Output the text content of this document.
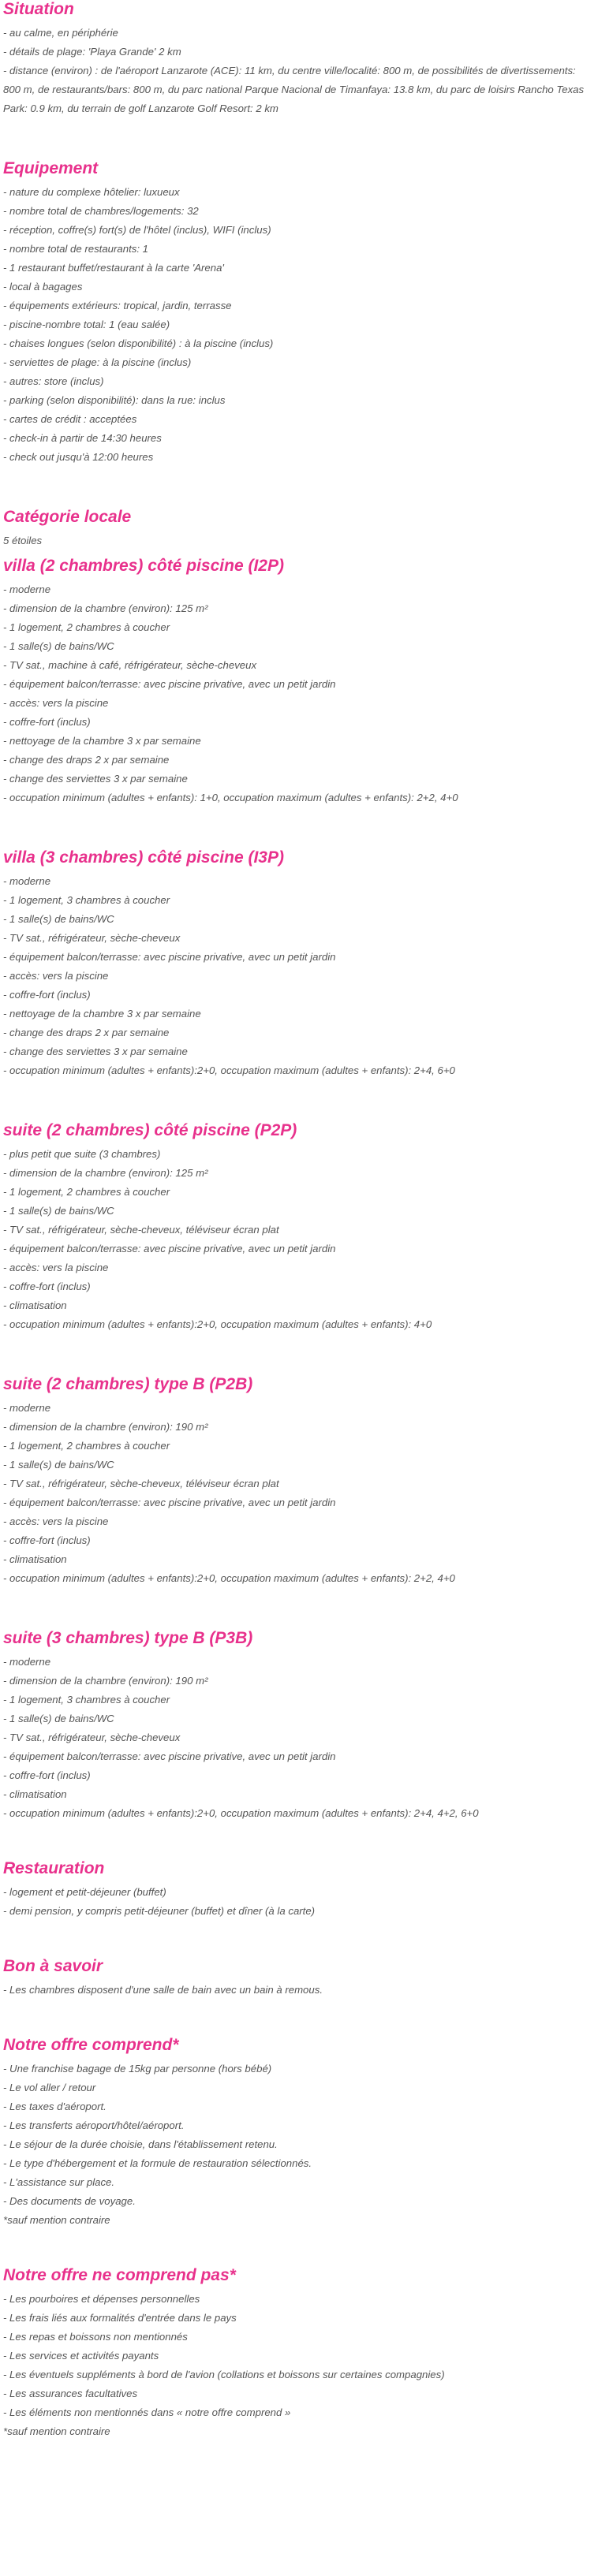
Situation
- au calme, en périphérie
- détails de plage: 'Playa Grande' 2 km
- distance (environ) : de l'aéroport Lanzarote (ACE): 11 km, du centre ville/localité: 800 m, de possibilités de divertissements: 800 m, de restaurants/bars: 800 m, du parc national Parque Nacional de Timanfaya: 13.8 km, du parc de loisirs Rancho Texas Park: 0.9 km, du terrain de golf Lanzarote Golf Resort: 2 km
Equipement
- nature du complexe hôtelier: luxueux
- nombre total de chambres/logements: 32
- réception, coffre(s) fort(s) de l'hôtel (inclus), WIFI (inclus)
- nombre total de restaurants: 1
- 1 restaurant buffet/restaurant à la carte 'Arena'
- local à bagages
- équipements extérieurs: tropical, jardin, terrasse
- piscine-nombre total: 1 (eau salée)
- chaises longues (selon disponibilité) : à la piscine (inclus)
- serviettes de plage: à la piscine (inclus)
- autres: store (inclus)
- parking (selon disponibilité): dans la rue: inclus
- cartes de crédit : acceptées
- check-in à partir de 14:30 heures
- check out jusqu'à 12:00 heures
Catégorie locale
5 étoiles
villa (2 chambres) côté piscine (I2P)
- moderne
- dimension de la chambre (environ): 125 m²
- 1 logement, 2 chambres à coucher
- 1 salle(s) de bains/WC
- TV sat., machine à café, réfrigérateur, sèche-cheveux
- équipement balcon/terrasse: avec piscine privative, avec un petit jardin
- accès: vers la piscine
- coffre-fort (inclus)
- nettoyage de la chambre 3 x par semaine
- change des draps 2 x par semaine
- change des serviettes 3 x par semaine
- occupation minimum (adultes + enfants): 1+0, occupation maximum (adultes + enfants): 2+2, 4+0
villa (3 chambres) côté piscine (I3P)
- moderne
- 1 logement, 3 chambres à coucher
- 1 salle(s) de bains/WC
- TV sat., réfrigérateur, sèche-cheveux
- équipement balcon/terrasse: avec piscine privative, avec un petit jardin
- accès: vers la piscine
- coffre-fort (inclus)
- nettoyage de la chambre 3 x par semaine
- change des draps 2 x par semaine
- change des serviettes 3 x par semaine
- occupation minimum (adultes + enfants):2+0, occupation maximum (adultes + enfants): 2+4, 6+0
suite (2 chambres) côté piscine (P2P)
- plus petit que suite (3 chambres)
- dimension de la chambre (environ): 125 m²
- 1 logement, 2 chambres à coucher
- 1 salle(s) de bains/WC
- TV sat., réfrigérateur, sèche-cheveux, téléviseur écran plat
- équipement balcon/terrasse: avec piscine privative, avec un petit jardin
- accès: vers la piscine
- coffre-fort (inclus)
- climatisation
- occupation minimum (adultes + enfants):2+0, occupation maximum (adultes + enfants): 4+0
suite (2 chambres) type B (P2B)
- moderne
- dimension de la chambre (environ): 190 m²
- 1 logement, 2 chambres à coucher
- 1 salle(s) de bains/WC
- TV sat., réfrigérateur, sèche-cheveux, téléviseur écran plat
- équipement balcon/terrasse: avec piscine privative, avec un petit jardin
- accès: vers la piscine
- coffre-fort (inclus)
- climatisation
- occupation minimum (adultes + enfants):2+0, occupation maximum (adultes + enfants): 2+2, 4+0
suite (3 chambres) type B (P3B)
- moderne
- dimension de la chambre (environ): 190 m²
- 1 logement, 3 chambres à coucher
- 1 salle(s) de bains/WC
- TV sat., réfrigérateur, sèche-cheveux
- équipement balcon/terrasse: avec piscine privative, avec un petit jardin
- coffre-fort (inclus)
- climatisation
- occupation minimum (adultes + enfants):2+0, occupation maximum (adultes + enfants): 2+4, 4+2, 6+0
Restauration
- logement et petit-déjeuner (buffet)
- demi pension, y compris petit-déjeuner (buffet) et dîner (à la carte)
Bon à savoir
- Les chambres disposent d'une salle de bain avec un bain à remous.
Notre offre comprend*
- Une franchise bagage de 15kg par personne (hors bébé)
- Le vol aller / retour
- Les taxes d'aéroport.
- Les transferts aéroport/hôtel/aéroport.
- Le séjour de la durée choisie, dans l'établissement retenu.
- Le type d'hébergement et la formule de restauration sélectionnés.
- L'assistance sur place.
- Des documents de voyage.
*sauf mention contraire
Notre offre ne comprend pas*
- Les pourboires et dépenses personnelles
- Les frais liés aux formalités d'entrée dans le pays
- Les repas et boissons non mentionnés
- Les services et activités payants
- Les éventuels suppléments à bord de l'avion (collations et boissons sur certaines compagnies)
- Les assurances facultatives
- Les éléments non mentionnés dans « notre offre comprend »
*sauf mention contraire
